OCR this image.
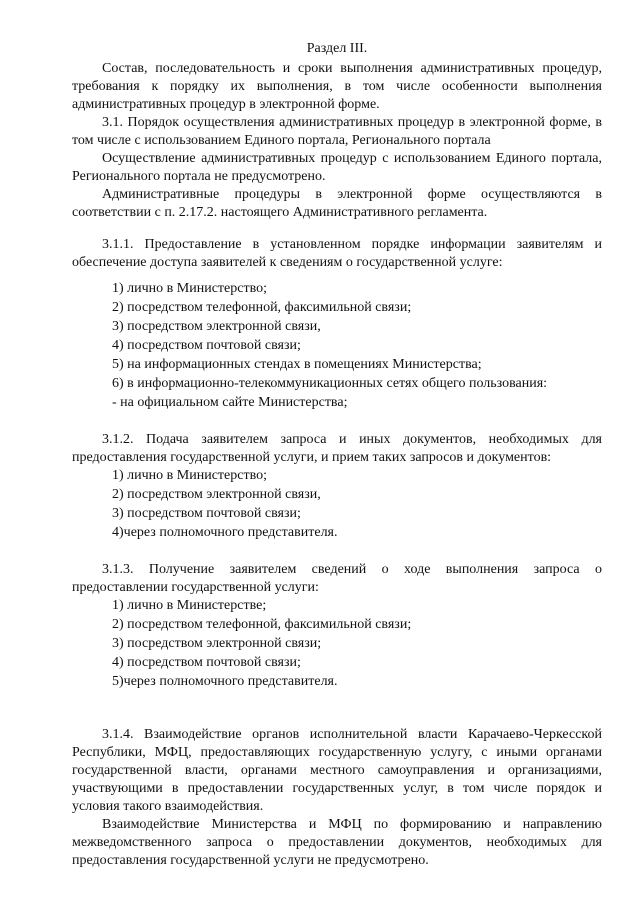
Раздел III.

Состав, последовательность и сроки выполнения административных процедур, требования к порядку их выполнения, в том числе особенности выполнения административных процедур в электронной форме.

3.1. Порядок осуществления административных процедур в электронной форме, в том числе с использованием Единого портала, Регионального портала

Осуществление административных процедур с использованием Единого портала, Регионального портала не предусмотрено.

Административные процедуры в электронной форме осуществляются в соответствии с п. 2.17.2. настоящего Административного регламента.

3.1.1. Предоставление в установленном порядке информации заявителям и обеспечение доступа заявителей к сведениям о государственной услуге:

1) лично в Министерство;
2) посредством телефонной, факсимильной связи;
3) посредством электронной связи,
4) посредством почтовой связи;
5) на информационных стендах в помещениях Министерства;
6) в информационно-телекоммуникационных сетях общего пользования:
- на официальном сайте Министерства;

3.1.2. Подача заявителем запроса и иных документов, необходимых для предоставления государственной услуги, и прием таких запросов и документов:

1) лично в Министерство;
2) посредством электронной связи,
3) посредством почтовой связи;
4)через полномочного представителя.

3.1.3. Получение заявителем сведений о ходе выполнения запроса о предоставлении государственной услуги:

1) лично в Министерстве;
2) посредством телефонной, факсимильной связи;
3) посредством электронной связи;
4) посредством почтовой связи;
5)через полномочного представителя.

3.1.4. Взаимодействие органов исполнительной власти Карачаево-Черкесской Республики, МФЦ, предоставляющих государственную услугу, с иными органами государственной власти, органами местного самоуправления и организациями, участвующими в предоставлении государственных услуг, в том числе порядок и условия такого взаимодействия.

Взаимодействие Министерства и МФЦ по формированию и направлению межведомственного запроса о предоставлении документов, необходимых для предоставления государственной услуги не предусмотрено.
